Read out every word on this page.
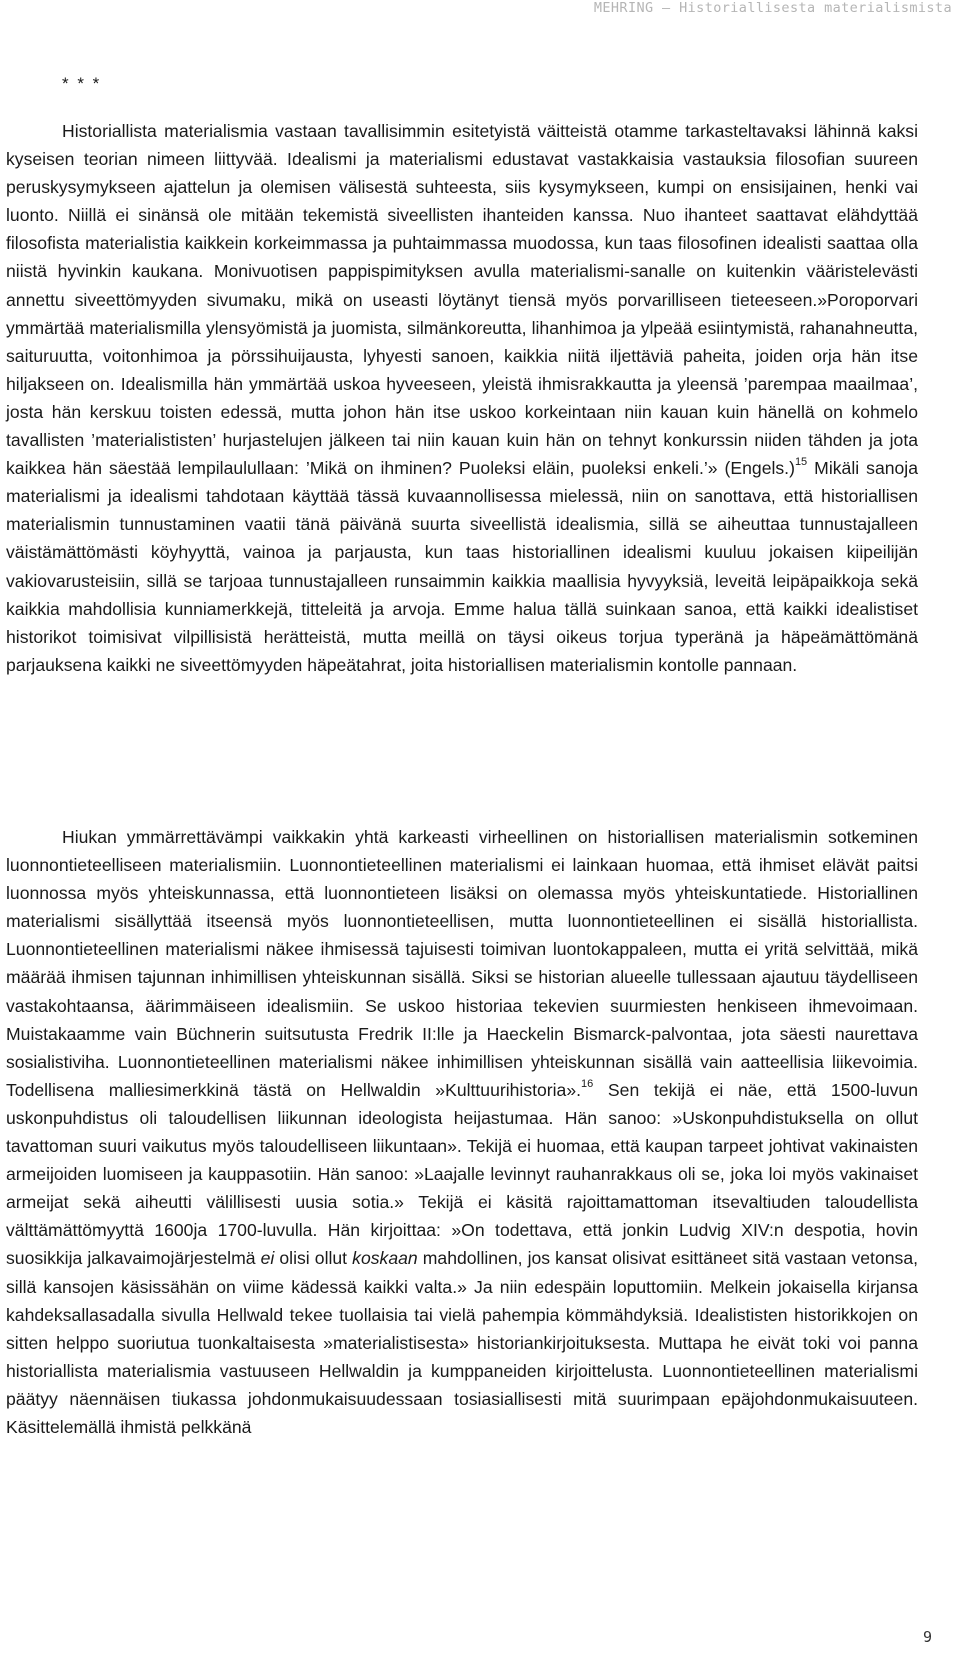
MEHRING – Historiallisesta materialismista
* * *

Historiallista materialismia vastaan tavallisimmin esitetyistä väitteistä otamme tarkasteltavaksi lähinnä kaksi kyseisen teorian nimeen liittyvää. Idealismi ja materialismi edustavat vastakkaisia vastauksia filosofian suureen peruskysymykseen ajattelun ja olemisen välisestä suhteesta, siis kysymykseen, kumpi on ensisijainen, henki vai luonto. Niillä ei sinänsä ole mitään tekemistä siveellisten ihanteiden kanssa. Nuo ihanteet saattavat elähdyttää filosofista materialistia kaikkein korkeimmassa ja puhtaimmassa muodossa, kun taas filosofinen idealisti saattaa olla niistä hyvinkin kaukana. Monivuotisen pappispimityksen avulla materialismi-sanalle on kuitenkin vääristelevästi annettu siveettömyyden sivumaku, mikä on useasti löytänyt tiensä myös porvarilliseen tieteeseen.»Poroporvari ymmärtää materialismilla ylensyömistä ja juomista, silmänkoreutta, lihanhimoa ja ylpeää esiintymistä, rahanahneutta, saituruutta, voitonhimoa ja pörssihuijausta, lyhyesti sanoen, kaikkia niitä iljettäviä paheita, joiden orja hän itse hiljakseen on. Idealismilla hän ymmärtää uskoa hyveeseen, yleistä ihmisrakkautta ja yleensä ’parempaa maailmaa’, josta hän kerskuu toisten edessä, mutta johon hän itse uskoo korkeintaan niin kauan kuin hänellä on kohmelo tavallisten ’materialististen’ hurjastelujen jälkeen tai niin kauan kuin hän on tehnyt konkurssin niiden tähden ja jota kaikkea hän säestää lempilaulullaan: ’Mikä on ihminen? Puoleksi eläin, puoleksi enkeli.’» (Engels.)$^{15}$ Mikäli sanoja materialismi ja idealismi tahdotaan käyttää tässä kuvaannollisessa mielessä, niin on sanottava, että historiallisen materialismin tunnustaminen vaatii tänä päivänä suurta siveellistä idealismia, sillä se aiheuttaa tunnustajalleen väistämättömästi köyhyyttä, vainoa ja parjausta, kun taas historiallinen idealismi kuuluu jokaisen kiipeilijän vakiovarusteisiin, sillä se tarjoaa tunnustajalleen runsaimmin kaikkia maallisia hyvyyksiä, leveitä leipäpaikkoja sekä kaikkia mahdollisia kunniamerkkejä, titteleitä ja arvoja. Emme halua tällä suinkaan sanoa, että kaikki idealistiset historikot toimisivat vilpillisistä herätteistä, mutta meillä on täysi oikeus torjua typeränä ja häpeämättömänä parjauksena kaikki ne siveettömyyden häpeätahrat, joita historiallisen materialismin kontolle pannaan.

Hiukan ymmärrettävämpi vaikkakin yhtä karkeasti virheellinen on historiallisen materialismin sotkeminen luonnontieteelliseen materialismiin. Luonnontieteellinen materialismi ei lainkaan huomaa, että ihmiset elävät paitsi luonnossa myös yhteiskunnassa, että luonnontieteen lisäksi on olemassa myös yhteiskuntatiede. Historiallinen materialismi sisällyttää itseensä myös luonnontieteellisen, mutta luonnontieteellinen ei sisällä historiallista. Luonnontieteellinen materialismi näkee ihmisessä tajuisesti toimivan luontokappaleen, mutta ei yritä selvittää, mikä määrää ihmisen tajunnan inhimillisen yhteiskunnan sisällä. Siksi se historian alueelle tullessaan ajautuu täydelliseen vastakohtaansa, äärimmäiseen idealismiin. Se uskoo historiaa tekevien suurmiesten henkiseen ihmevoimaan. Muistakaamme vain Büchnerin suitsutusta Fredrik II:lle ja Haeckelin Bismarck-palvontaa, jota säesti naurettava sosialistiviha. Luonnontieteellinen materialismi näkee inhimillisen yhteiskunnan sisällä vain aatteellisia liikevoimia. Todellisena malliesimerkkinä tästä on Hellwaldin »Kulttuurihistoria».$^{16}$ Sen tekijä ei näe, että 1500-luvun uskonpuhdistus oli taloudellisen liikunnan ideologista heijastumaa. Hän sanoo: »Uskonpuhdistuksella on ollut tavattoman suuri vaikutus myös taloudelliseen liikuntaan». Tekijä ei huomaa, että kaupan tarpeet johtivat vakinaisten armeijoiden luomiseen ja kauppasotiin. Hän sanoo: »Laajalle levinnyt rauhanrakkaus oli se, joka loi myös vakinaiset armeijat sekä aiheutti välillisesti uusia sotia.» Tekijä ei käsitä rajoittamattoman itsevaltiuden taloudellista välttämättömyyttä 1600ja 1700-luvulla. Hän kirjoittaa: »On todettava, että jonkin Ludvig XIV:n despotia, hovin suosikkija jalkavaimojärjestelmä ei olisi ollut koskaan mahdollinen, jos kansat olisivat esittäneet sitä vastaan vetonsa, sillä kansojen käsissähän on viime kädessä kaikki valta.» Ja niin edespäin loputtomiin. Melkein jokaisella kirjansa kahdeksallasadalla sivulla Hellwald tekee tuollaisia tai vielä pahempia kömmähdyksiä. Idealististen historikkojen on sitten helppo suoriutua tuonkaltaisesta »materialistisesta» historiankirjoituksesta. Muttapa he eivät toki voi panna historiallista materialismia vastuuseen Hellwaldin ja kumppaneiden kirjoittelusta. Luonnontieteellinen materialismi päätyy näennäisen tiukassa johdonmukaisuudessaan tosiasiallisesti mitä suurimpaan epäjohdonmukaisuuteen. Käsittelemällä ihmistä pelkkänä

9
